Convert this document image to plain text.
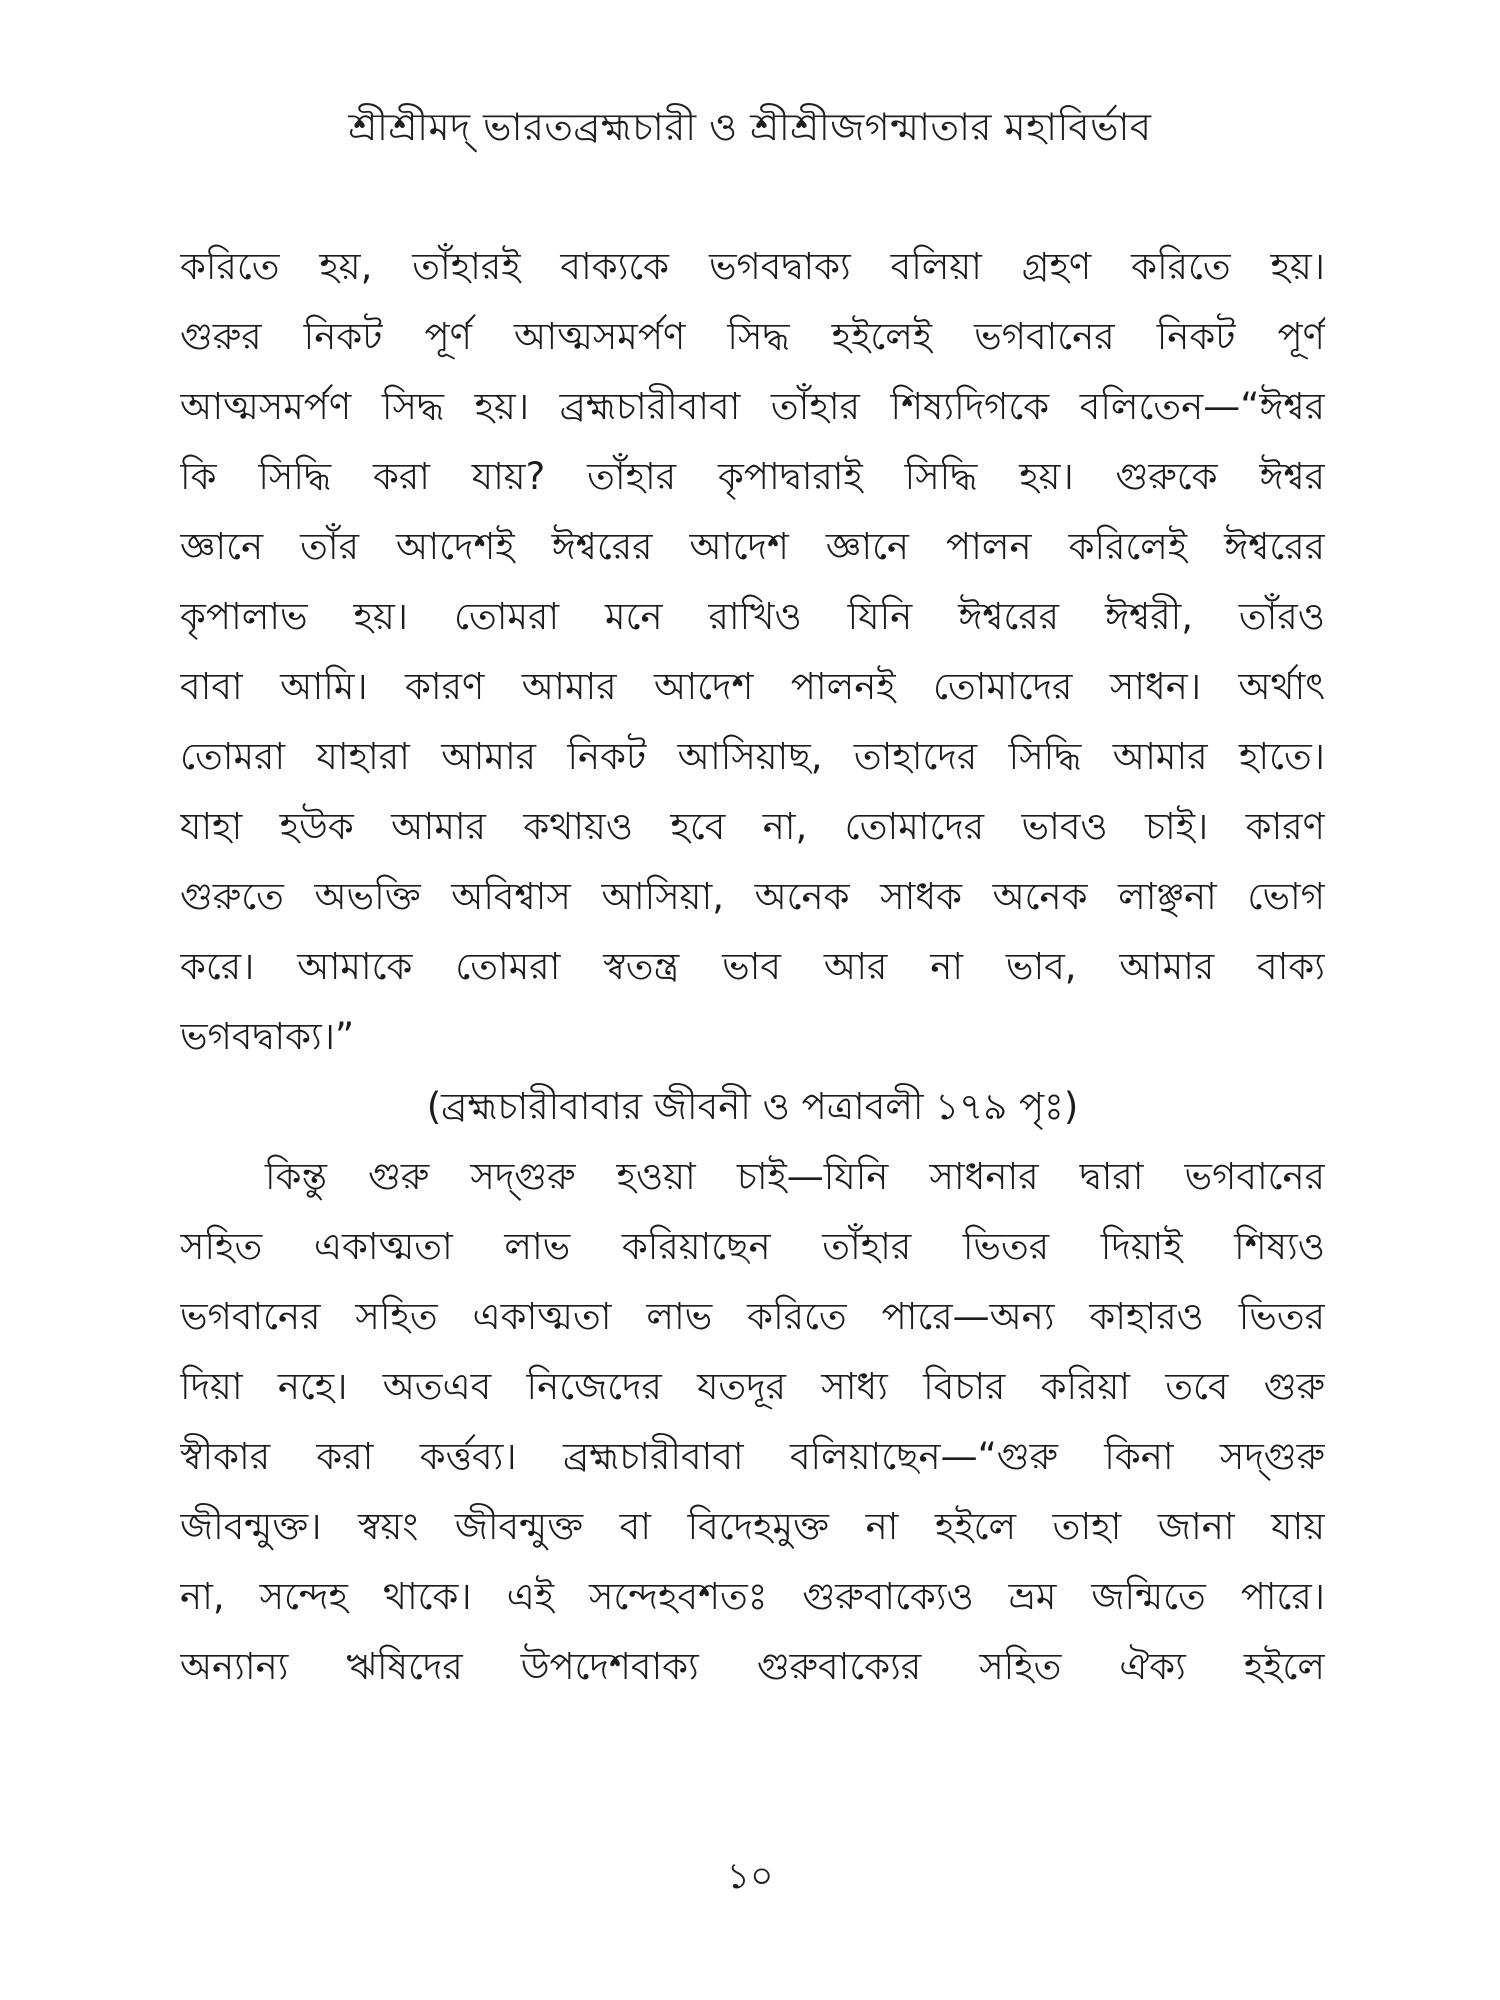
শ্রীশ্রীমদ্ ভারতব্রহ্মচারী ও শ্রীশ্রীজগন্মাতার মহাবির্ভাব
করিতে হয়, তাঁহারই বাক্যকে ভগবদ্বাক্য বলিয়া গ্রহণ করিতে হয়।
গুরুর নিকট পূর্ণ আত্মসমর্পণ সিদ্ধ হইলেই ভগবানের নিকট পূর্ণ
আত্মসমর্পণ সিদ্ধ হয়। ব্রহ্মচারীবাবা তাঁহার শিষ্যদিগকে বলিতেন—“ঈশ্বর
কি সিদ্ধি করা যায়? তাঁহার কৃপাদ্বারাই সিদ্ধি হয়। গুরুকে ঈশ্বর
জ্ঞানে তাঁর আদেশই ঈশ্বরের আদেশ জ্ঞানে পালন করিলেই ঈশ্বরের
কৃপালাভ হয়। তোমরা মনে রাখিও যিনি ঈশ্বরের ঈশ্বরী, তাঁরও
বাবা আমি। কারণ আমার আদেশ পালনই তোমাদের সাধন। অর্থাৎ
তোমরা যাহারা আমার নিকট আসিয়াছ, তাহাদের সিদ্ধি আমার হাতে।
যাহা হউক আমার কথায়ও হবে না, তোমাদের ভাবও চাই। কারণ
গুরুতে অভক্তি অবিশ্বাস আসিয়া, অনেক সাধক অনেক লাঞ্ছনা ভোগ
করে। আমাকে তোমরা স্বতন্ত্র ভাব আর না ভাব, আমার বাক্য
ভগবদ্বাক্য।”
(ব্রহ্মচারীবাবার জীবনী ও পত্রাবলী ১৭৯ পৃঃ)
কিন্তু গুরু সদ্গুরু হওয়া চাই—যিনি সাধনার দ্বারা ভগবানের
সহিত একাত্মতা লাভ করিয়াছেন তাঁহার ভিতর দিয়াই শিষ্যও
ভগবানের সহিত একাত্মতা লাভ করিতে পারে—অন্য কাহারও ভিতর
দিয়া নহে। অতএব নিজেদের যতদূর সাধ্য বিচার করিয়া তবে গুরু
স্বীকার করা কর্ত্তব্য। ব্রহ্মচারীবাবা বলিয়াছেন—“গুরু কিনা সদ্গুরু
জীবন্মুক্ত। স্বয়ং জীবন্মুক্ত বা বিদেহমুক্ত না হইলে তাহা জানা যায়
না, সন্দেহ থাকে। এই সন্দেহবশতঃ গুরুবাক্যেও ভ্রম জন্মিতে পারে।
অন্যান্য ঋষিদের উপদেশবাক্য গুরুবাক্যের সহিত ঐক্য হইলে
১০
